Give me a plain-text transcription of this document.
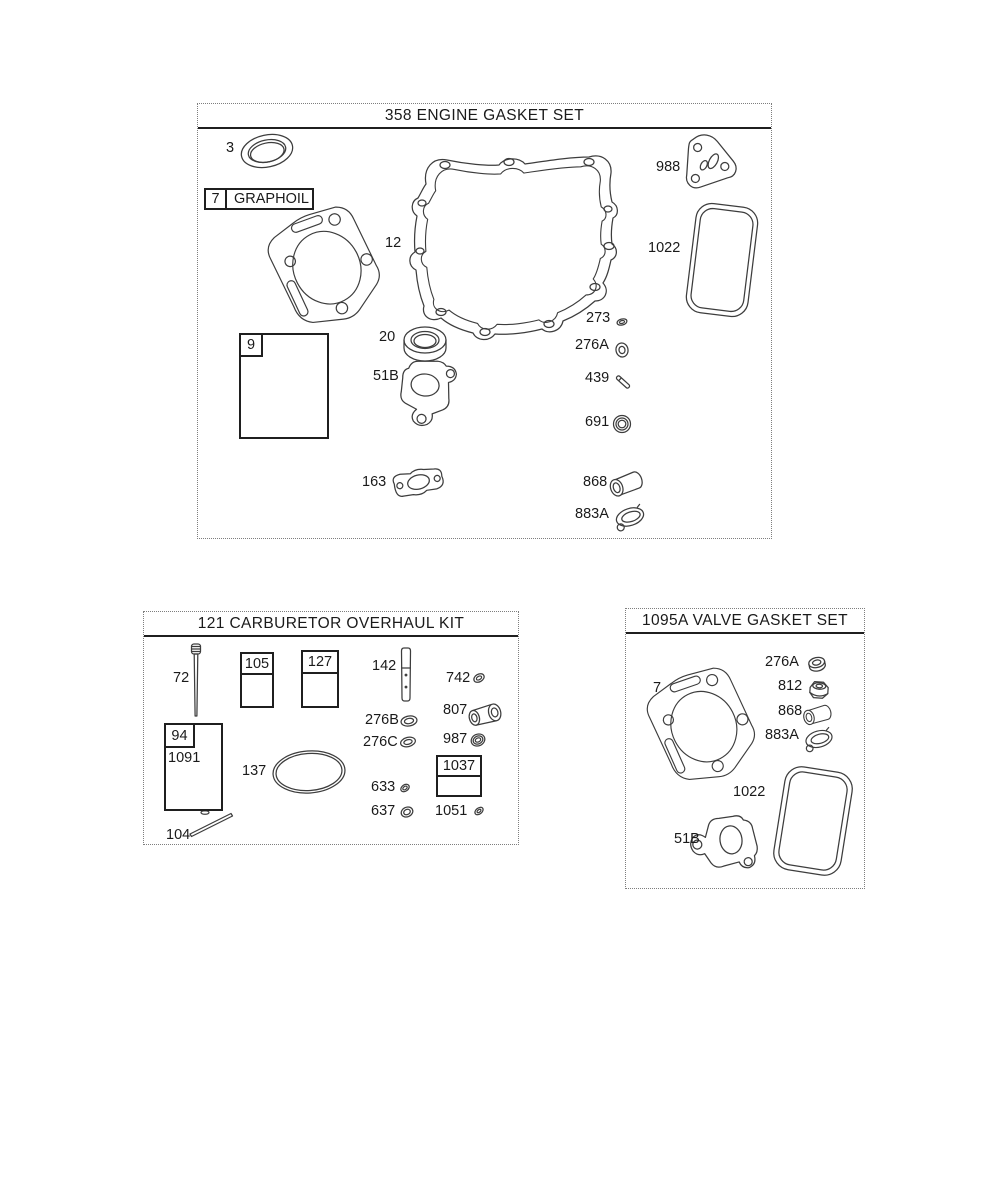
358 ENGINE GASKET SET
7 GRAPHOIL
9
3
12
988
1022
273
276A
439
691
20
51B
163	868
883A
121 CARBURETOR OVERHAUL KIT
105	127
94
1037
72
142
742
807
276B
276C	987
1091
137
633
637	1051
104
1095A VALVE GASKET SET
7
276A
812
868
883A
1022
51B
